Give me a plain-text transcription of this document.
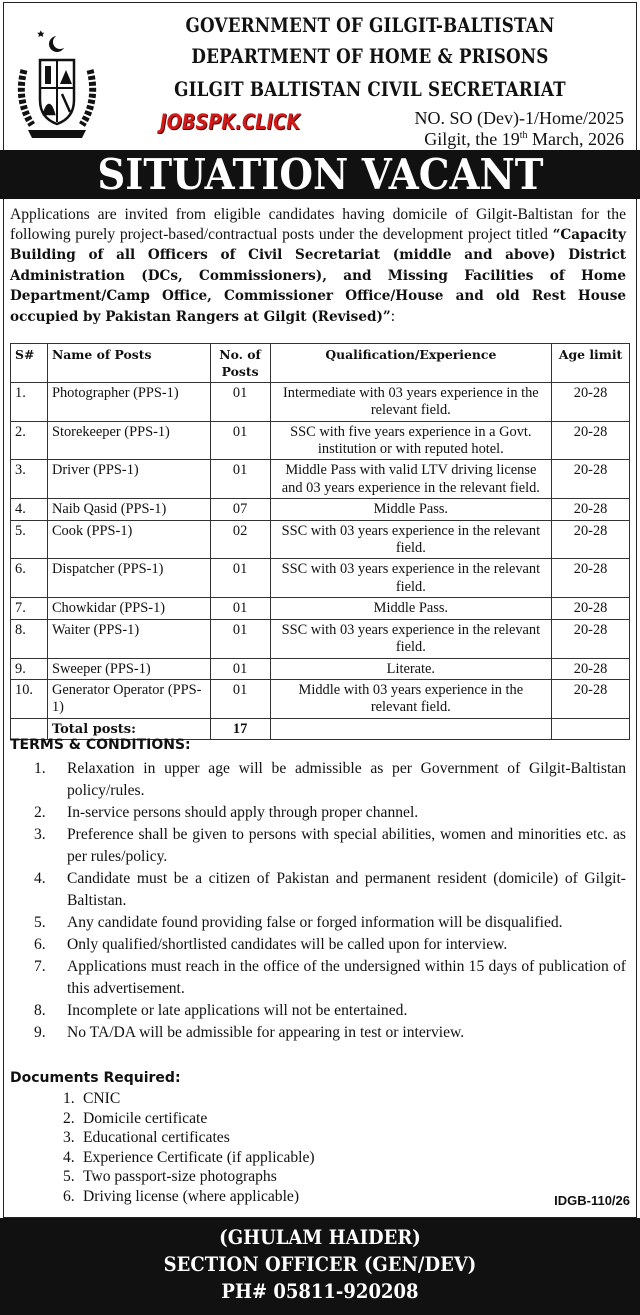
GOVERNMENT OF GILGIT-BALTISTAN
DEPARTMENT OF HOME & PRISONS
GILGIT BALTISTAN CIVIL SECRETARIAT
JOBSPK.CLICK	NO. SO (Dev)-1/Home/2025
Gilgit, the 19th March, 2026
SITUATION VACANT

Applications are invited from eligible candidates having domicile of Gilgit-Baltistan for the following purely project-based/contractual posts under the development project titled “Capacity Building of all Officers of Civil Secretariat (middle and above) District Administration (DCs, Commissioners), and Missing Facilities of Home Department/Camp Office, Commissioner Office/House and old Rest House occupied by Pakistan Rangers at Gilgit (Revised)”:

S#	Name of Posts	No. of Posts	Qualification/Experience	Age limit
1.	Photographer (PPS-1)	01	Intermediate with 03 years experience in the relevant field.	20-28
2.	Storekeeper (PPS-1)	01	SSC with five years experience in a Govt. institution or with reputed hotel.	20-28
3.	Driver (PPS-1)	01	Middle Pass with valid LTV driving license and 03 years experience in the relevant field.	20-28
4.	Naib Qasid (PPS-1)	07	Middle Pass.	20-28
5.	Cook (PPS-1)	02	SSC with 03 years experience in the relevant field.	20-28
6.	Dispatcher (PPS-1)	01	SSC with 03 years experience in the relevant field.	20-28
7.	Chowkidar (PPS-1)	01	Middle Pass.	20-28
8.	Waiter (PPS-1)	01	SSC with 03 years experience in the relevant field.	20-28
9.	Sweeper (PPS-1)	01	Literate.	20-28
10.	Generator Operator (PPS-1)	01	Middle with 03 years experience in the relevant field.	20-28
	Total posts:	17		
TERMS & CONDITIONS:
1.	Relaxation in upper age will be admissible as per Government of Gilgit-Baltistan policy/rules.
2.	In-service persons should apply through proper channel.
3.	Preference shall be given to persons with special abilities, women and minorities etc. as per rules/policy.
4.	Candidate must be a citizen of Pakistan and permanent resident (domicile) of Gilgit-Baltistan.
5.	Any candidate found providing false or forged information will be disqualified.
6.	Only qualified/shortlisted candidates will be called upon for interview.
7.	Applications must reach in the office of the undersigned within 15 days of publication of this advertisement.
8.	Incomplete or late applications will not be entertained.
9.	No TA/DA will be admissible for appearing in test or interview.
Documents Required:
1. CNIC
2. Domicile certificate
3. Educational certificates
4. Experience Certificate (if applicable)
5. Two passport-size photographs
6. Driving license (where applicable)	IDGB-110/26
(GHULAM HAIDER)
SECTION OFFICER (GEN/DEV)
PH# 05811-920208
